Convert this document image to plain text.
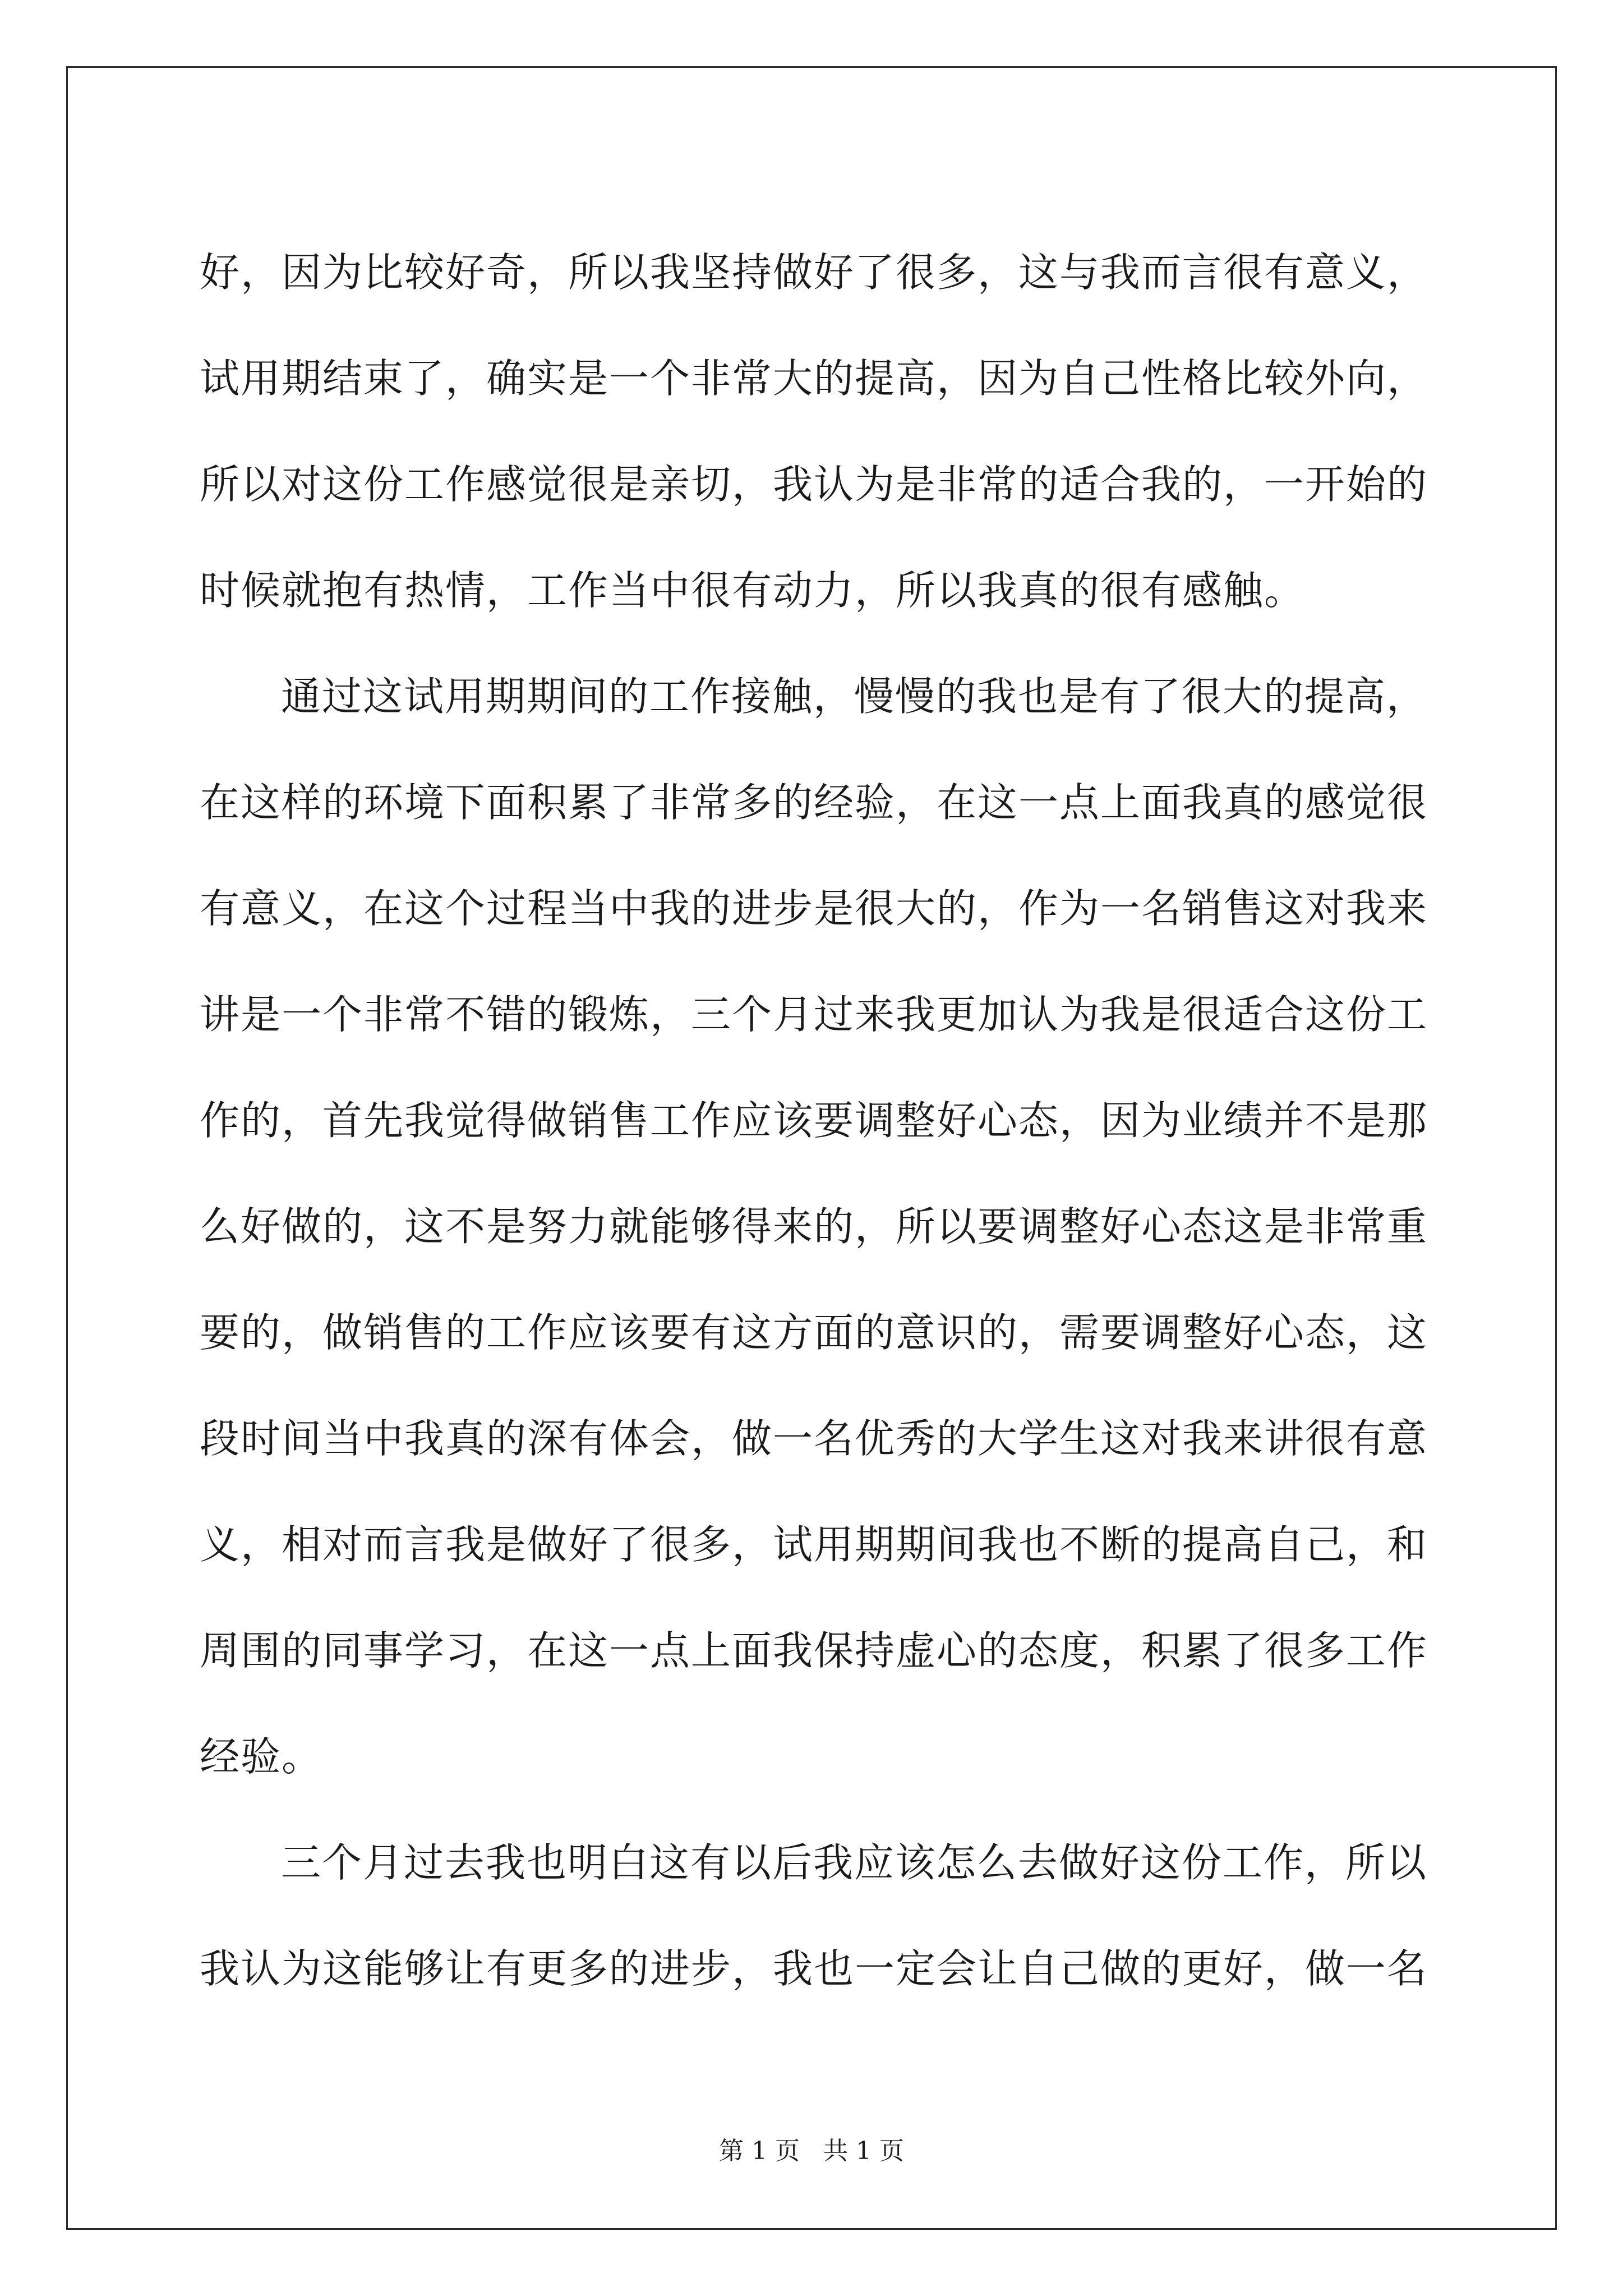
好，因为比较好奇，所以我坚持做好了很多，这与我而言很有意义，
试用期结束了，确实是一个非常大的提高，因为自己性格比较外向，
所以对这份工作感觉很是亲切，我认为是非常的适合我的，一开始的
时候就抱有热情，工作当中很有动力，所以我真的很有感触。
通过这试用期期间的工作接触，慢慢的我也是有了很大的提高，
在这样的环境下面积累了非常多的经验，在这一点上面我真的感觉很
有意义，在这个过程当中我的进步是很大的，作为一名销售这对我来
讲是一个非常不错的锻炼，三个月过来我更加认为我是很适合这份工
作的，首先我觉得做销售工作应该要调整好心态，因为业绩并不是那
么好做的，这不是努力就能够得来的，所以要调整好心态这是非常重
要的，做销售的工作应该要有这方面的意识的，需要调整好心态，这
段时间当中我真的深有体会，做一名优秀的大学生这对我来讲很有意
义，相对而言我是做好了很多，试用期期间我也不断的提高自己，和
周围的同事学习，在这一点上面我保持虚心的态度，积累了很多工作
经验。
三个月过去我也明白这有以后我应该怎么去做好这份工作，所以
我认为这能够让有更多的进步，我也一定会让自己做的更好，做一名
第 1 页   共 1 页
